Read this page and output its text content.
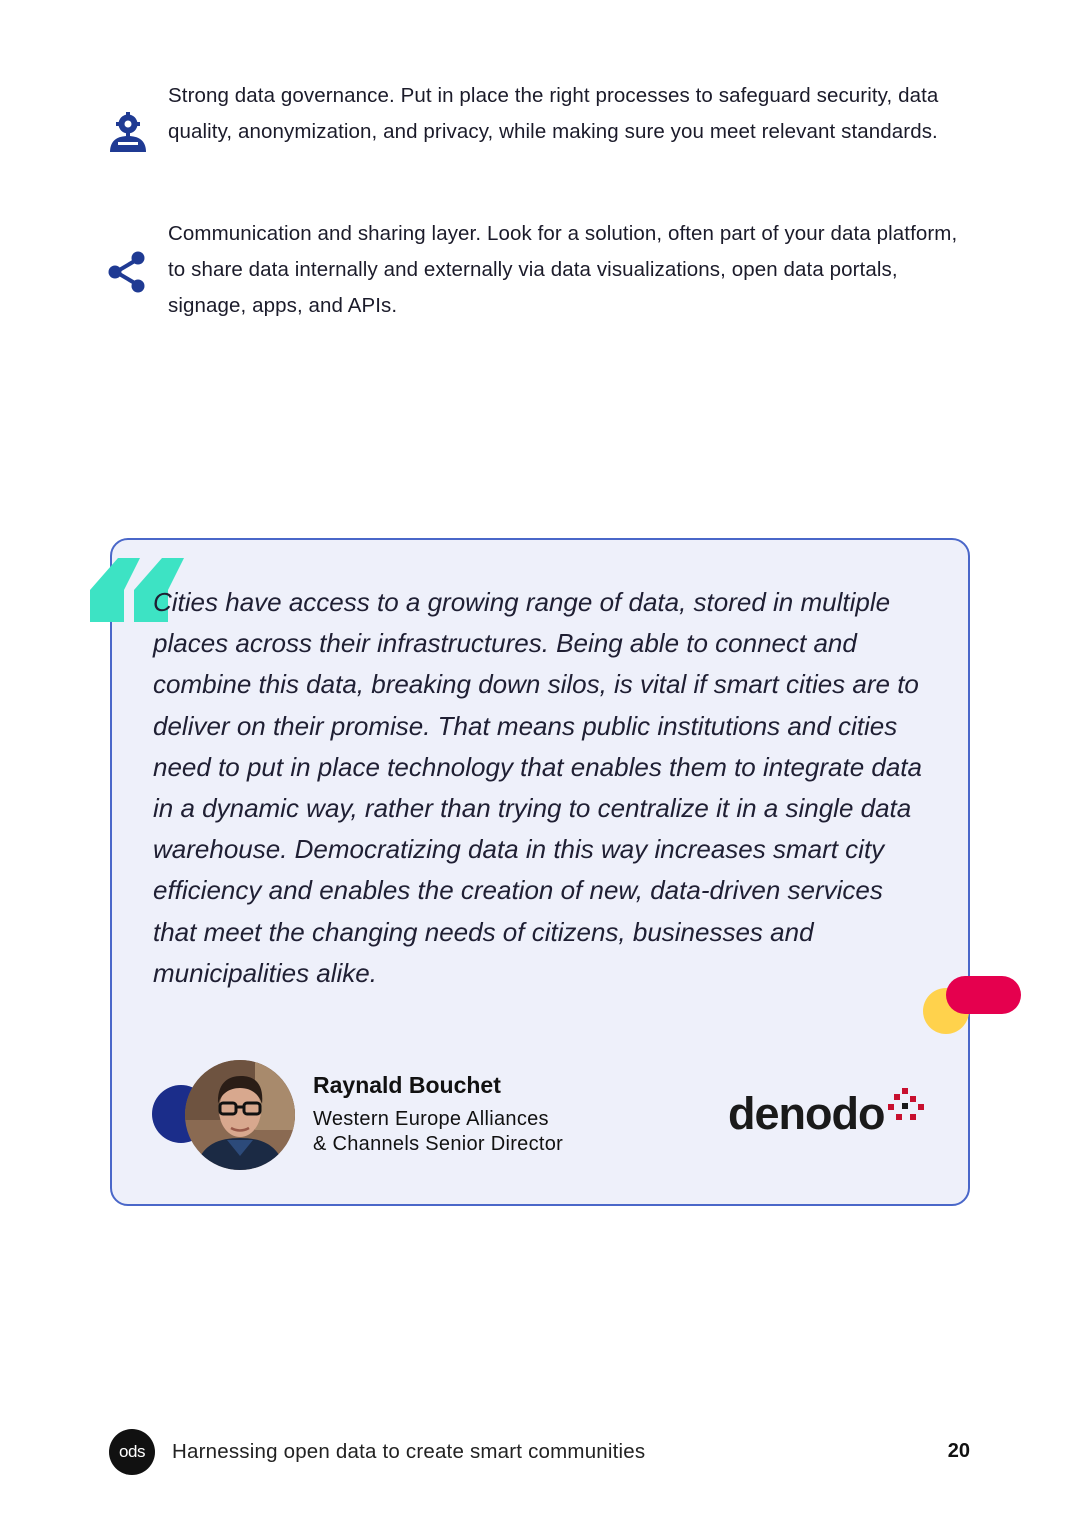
Strong data governance. Put in place the right processes to safeguard security, data quality, anonymization, and privacy, while making sure you meet relevant standards.
Communication and sharing layer. Look for a solution, often part of your data platform, to share data internally and externally via data visualizations, open data portals, signage, apps, and APIs.
Cities have access to a growing range of data, stored in multiple places across their infrastructures. Being able to connect and combine this data, breaking down silos, is vital if smart cities are to deliver on their promise. That means public institutions and cities need to put in place technology that enables them to integrate data in a dynamic way, rather than trying to centralize it in a single data warehouse. Democratizing data in this way increases smart city efficiency and enables the creation of new, data-driven services that meet the changing needs of citizens, businesses and municipalities alike.
Raynald Bouchet
Western Europe Alliances
& Channels Senior Director
denodo
ods	Harnessing open data to create smart communities	20
